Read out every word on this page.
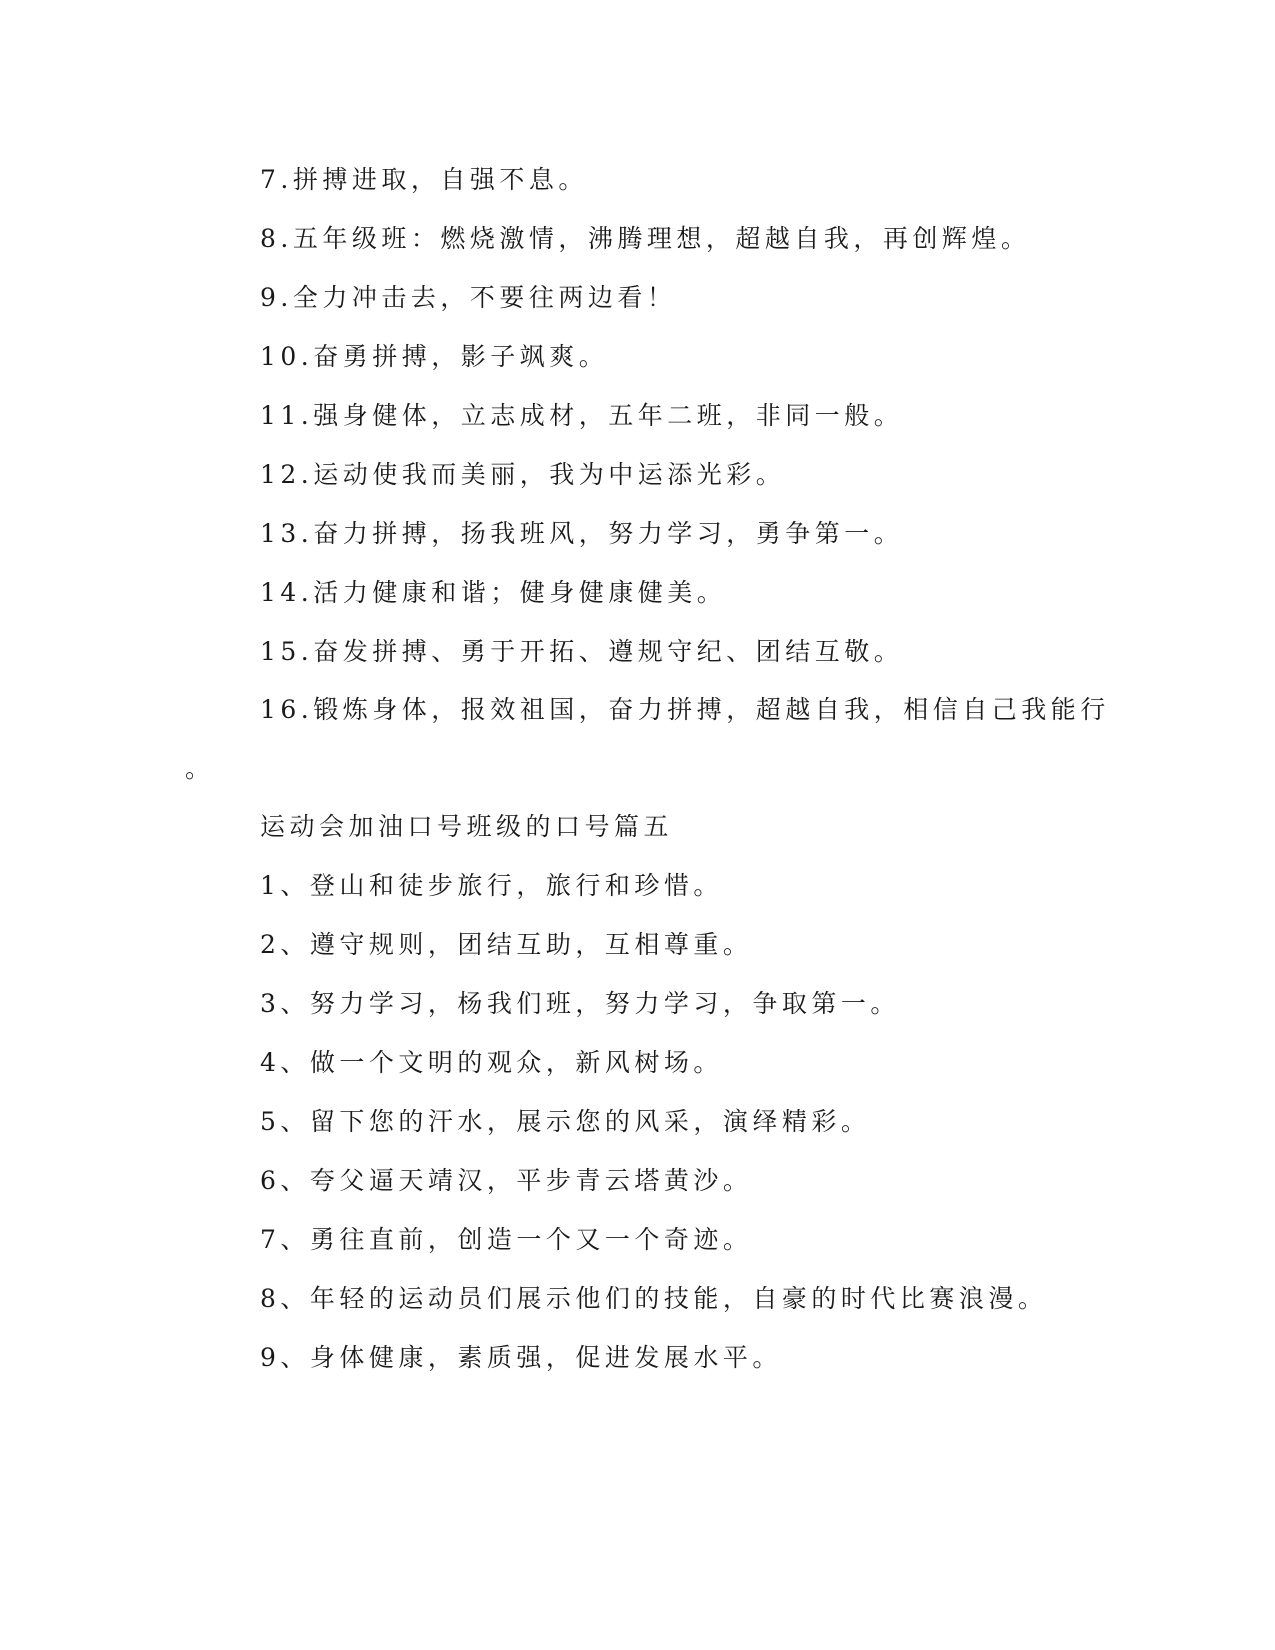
7.拼搏进取，自强不息。
8.五年级班：燃烧激情，沸腾理想，超越自我，再创辉煌。
9.全力冲击去，不要往两边看！
10.奋勇拼搏，影子飒爽。
11.强身健体，立志成材，五年二班，非同一般。
12.运动使我而美丽，我为中运添光彩。
13.奋力拼搏，扬我班风，努力学习，勇争第一。
14.活力健康和谐；健身健康健美。
15.奋发拼搏、勇于开拓、遵规守纪、团结互敬。
16.锻炼身体，报效祖国，奋力拼搏，超越自我，相信自己我能行
。
运动会加油口号班级的口号篇五
1、登山和徒步旅行，旅行和珍惜。
2、遵守规则，团结互助，互相尊重。
3、努力学习，杨我们班，努力学习，争取第一。
4、做一个文明的观众，新风树场。
5、留下您的汗水，展示您的风采，演绎精彩。
6、夸父逼天靖汉，平步青云塔黄沙。
7、勇往直前，创造一个又一个奇迹。
8、年轻的运动员们展示他们的技能，自豪的时代比赛浪漫。
9、身体健康，素质强，促进发展水平。
